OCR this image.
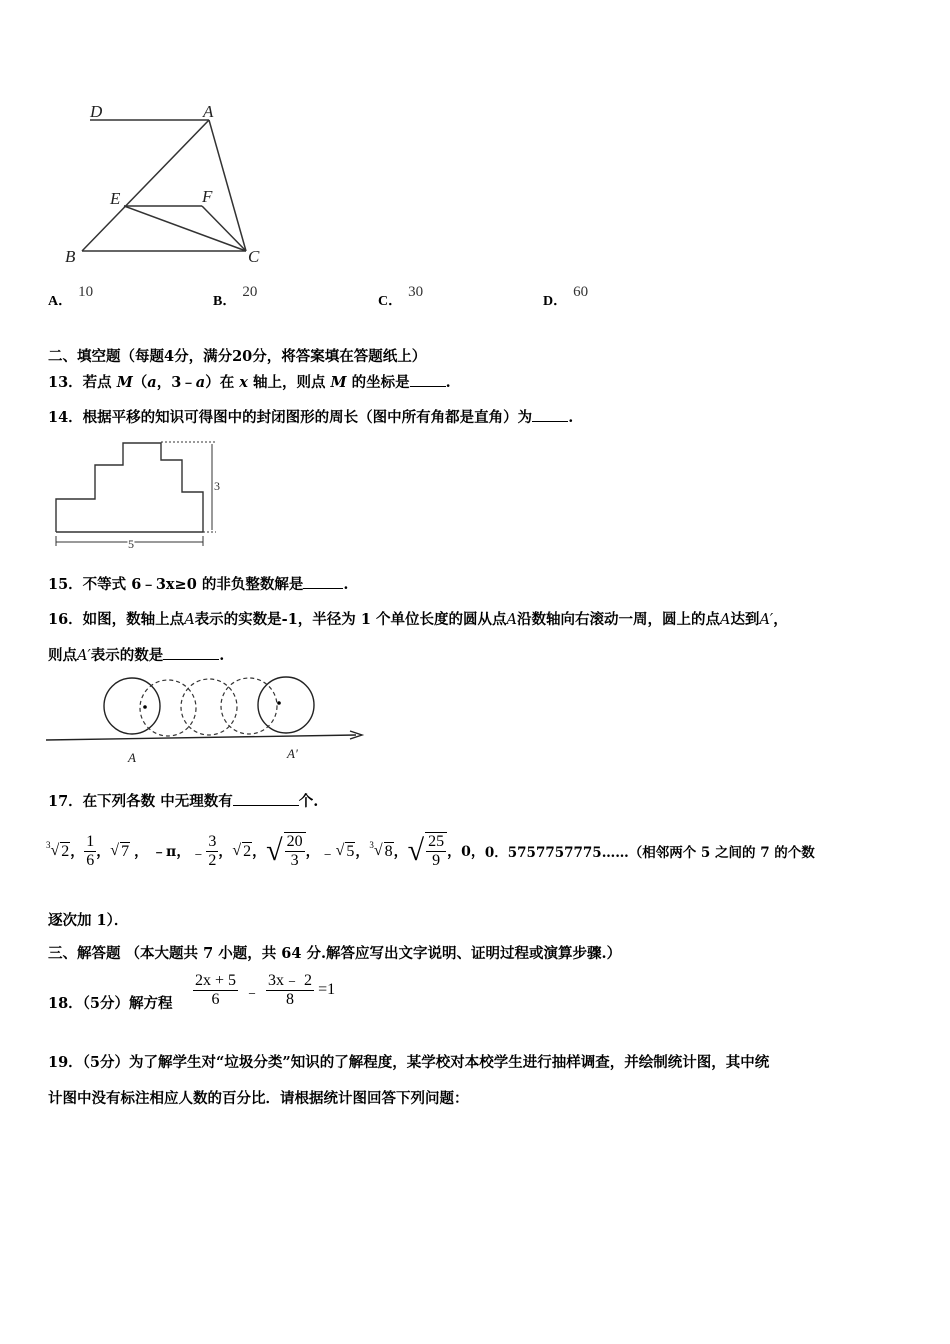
D	A
E	F
B	C
A．10
B．20
C．30
D．60
二、填空题（每题4分，满分20分，将答案填在答题纸上）
13．若点 M（a，3﹣a）在 x 轴上，则点 M 的坐标是 .
14．根据平移的知识可得图中的封闭图形的周长（图中所有角都是直角）为 .
3
5
15．不等式 6﹣3x≥0 的非负整数解是	.
16．如图，数轴上点A表示的实数是-1，半径为 1 个单位长度的圆从点A沿数轴向右滚动一周，圆上的点A达到A′，
则点A′表示的数是	.
A	A′
17．在下列各数 中无理数有	个.
3 √ 2 ， $\frac{1}{6}$ ， √ 7 ， ﹣π ， ﹣ $\frac{3}{2}$ ， √ 2 ， √ $\frac{20}{3}$ ， ﹣ √ 5 ， 3 √ 8 ， √ $\frac{25}{9}$ ，0， 0．5757757775……（相邻两个 5 之间的 7 的个数
逐次加 1）．
三、解答题 （本大题共 7 小题，共 64 分.解答应写出文字说明、证明过程或演算步骤.）
18．（5分）解方程 $\frac{2x + 5}{6}$ ﹣ $\frac{3x﹣ 2}{8} =1$
19．（5分）为了解学生对“垃圾分类”知识的了解程度，某学校对本校学生进行抽样调查，并绘制统计图，其中统
计图中没有标注相应人数的百分比．请根据统计图回答下列问题：
